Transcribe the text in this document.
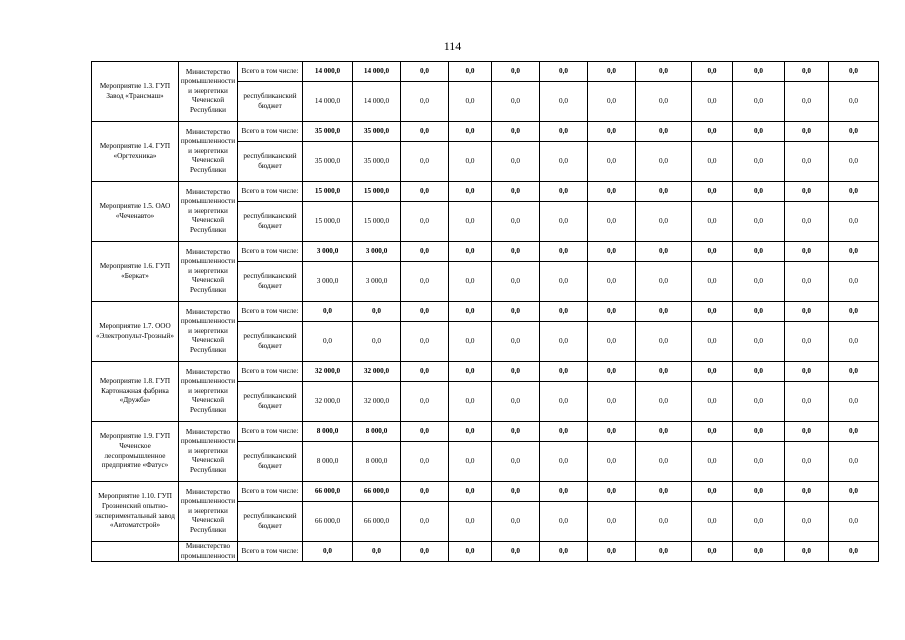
114
Мероприятие 1.3. ГУП Завод «Трансмаш»	Министерство промышленности и энергетики Чеченской Республики	Всего в том числе:	14 000,0	14 000,0	0,0	0,0	0,0	0,0	0,0	0,0	0,0	0,0	0,0	0,0
		республиканский бюджет	14 000,0	14 000,0	0,0	0,0	0,0	0,0	0,0	0,0	0,0	0,0	0,0	0,0
Мероприятие 1.4. ГУП «Оргтехника»	Министерство промышленности и энергетики Чеченской Республики	Всего в том числе:	35 000,0	35 000,0	0,0	0,0	0,0	0,0	0,0	0,0	0,0	0,0	0,0	0,0
		республиканский бюджет	35 000,0	35 000,0	0,0	0,0	0,0	0,0	0,0	0,0	0,0	0,0	0,0	0,0
Мероприятие 1.5. ОАО «Чеченавто»	Министерство промышленности и энергетики Чеченской Республики	Всего в том числе:	15 000,0	15 000,0	0,0	0,0	0,0	0,0	0,0	0,0	0,0	0,0	0,0	0,0
		республиканский бюджет	15 000,0	15 000,0	0,0	0,0	0,0	0,0	0,0	0,0	0,0	0,0	0,0	0,0
Мероприятие 1.6. ГУП «Беркат»	Министерство промышленности и энергетики Чеченской Республики	Всего в том числе:	3 000,0	3 000,0	0,0	0,0	0,0	0,0	0,0	0,0	0,0	0,0	0,0	0,0
		республиканский бюджет	3 000,0	3 000,0	0,0	0,0	0,0	0,0	0,0	0,0	0,0	0,0	0,0	0,0
Мероприятие 1.7. ООО «Электропульт-Грозный»	Министерство промышленности и энергетики Чеченской Республики	Всего в том числе:	0,0	0,0	0,0	0,0	0,0	0,0	0,0	0,0	0,0	0,0	0,0	0,0
		республиканский бюджет	0,0	0,0	0,0	0,0	0,0	0,0	0,0	0,0	0,0	0,0	0,0	0,0
Мероприятие 1.8. ГУП Картонажная фабрика «Дружба»	Министерство промышленности и энергетики Чеченской Республики	Всего в том числе:	32 000,0	32 000,0	0,0	0,0	0,0	0,0	0,0	0,0	0,0	0,0	0,0	0,0
		республиканский бюджет	32 000,0	32 000,0	0,0	0,0	0,0	0,0	0,0	0,0	0,0	0,0	0,0	0,0
Мероприятие 1.9. ГУП Чеченское лесопромышленное предприятие «Фатус»	Министерство промышленности и энергетики Чеченской Республики	Всего в том числе:	8 000,0	8 000,0	0,0	0,0	0,0	0,0	0,0	0,0	0,0	0,0	0,0	0,0
		республиканский бюджет	8 000,0	8 000,0	0,0	0,0	0,0	0,0	0,0	0,0	0,0	0,0	0,0	0,0
Мероприятие 1.10. ГУП Грозненский опытно-экспериментальный завод «Автоматстрой»	Министерство промышленности и энергетики Чеченской Республики	Всего в том числе:	66 000,0	66 000,0	0,0	0,0	0,0	0,0	0,0	0,0	0,0	0,0	0,0	0,0
		республиканский бюджет	66 000,0	66 000,0	0,0	0,0	0,0	0,0	0,0	0,0	0,0	0,0	0,0	0,0
	Министерство промышленности	Всего в том числе:	0,0	0,0	0,0	0,0	0,0	0,0	0,0	0,0	0,0	0,0	0,0	0,0
